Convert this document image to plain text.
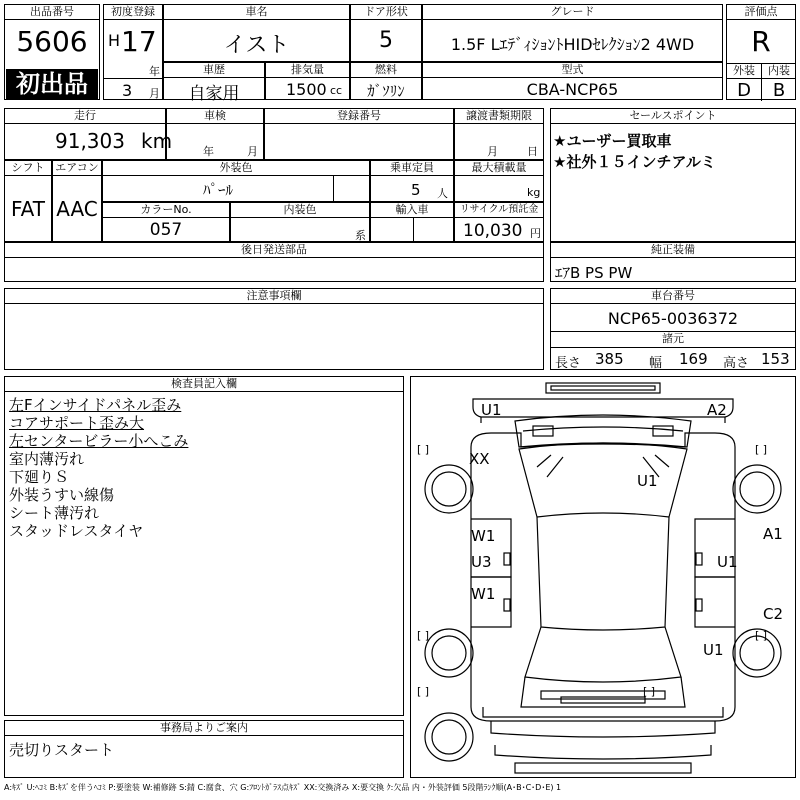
出品番号
5606
初出品
初度登録
H 17
年
3 月
車名
イスト
ドア形状
5
グレード
1.5F LｴﾃﾞｨｼｮﾝﾄHIDｾﾚｸｼｮﾝ2 4WD
評価点
R
外装	内装
D	B
車歴
自家用
排気量
1500 cc
燃料
ｶﾞｿﾘﾝ
型式
CBA-NCP65
走行
91,303 km
車検
年	月
登録番号	譲渡書類期限
月	日
セールスポイント
★ユーザー買取車
★社外１５インチアルミ
シフト
FAT
エアコン
AAC
外装色
ﾊﾟｰﾙ
乗車定員
5 人
最大積載量
kg
カラーNo.
057
内装色
系
輸入車	リサイクル預託金
10,030 円
後日発送部品	純正装備
ｴｱB PS PW
注意事項欄	車台番号
NCP65-0036372
諸元
長さ 385 幅 169 高さ 153
検査員記入欄
左Fインサイドパネル歪み
コアサポート歪み大
左センタービラー小へこみ
室内薄汚れ
下廻りＳ
外装うすい線傷
シート薄汚れ
スタッドレスタイヤ
事務局よりご案内
売切りスタート
[ ]	[ ]
[ ]	[ ]
[ ]	[ ]
U1	A2
XX
U1
W1
U3
W1
A1
U1
C2
U1
A:ｷｽﾞ U:ﾍｺﾐ B:ｷｽﾞを伴うﾍｺﾐ P:要塗装 W:補修跡 S:錆 C:腐食、穴 G:ﾌﾛﾝﾄｶﾞﾗｽ点ｷｽﾞ XX:交換済み X:要交換 ｸ:欠品 内・外装評価 5段階ﾗﾝｸ順(A･B･C･D･E) 1
